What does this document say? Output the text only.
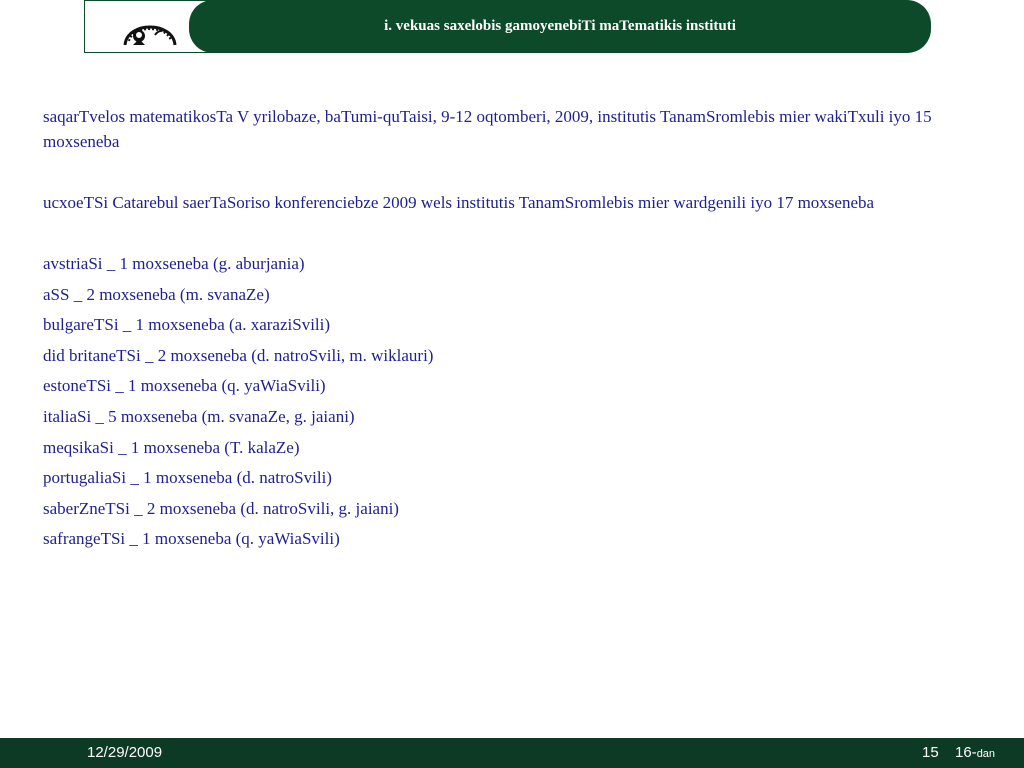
i. vekuas saxelobis gamoyenebiTi maTematikis instituti

saqarTvelos matematikosTa V yrilobaze, baTumi-quTaisi, 9-12 oqtomberi, 2009, institutis TanamSromlebis mier wakiTxuli iyo 15 moxseneba

ucxoeTSi Catarebul saerTaSoriso konferenciebze 2009 wels institutis TanamSromlebis mier wardgenili iyo 17 moxseneba

avstriaSi _ 1 moxseneba (g. aburjania)
aSS _ 2 moxseneba (m. svanaZe)
bulgareTSi _ 1 moxseneba (a. xaraziSvili)
did britaneTSi _ 2 moxseneba (d. natroSvili, m. wiklauri)
estoneTSi _ 1 moxseneba (q. yaWiaSvili)
italiaSi _ 5 moxseneba (m. svanaZe, g. jaiani)
meqsikaSi _ 1 moxseneba (T. kalaZe)
portugaliaSi _ 1 moxseneba (d. natroSvili)
saberZneTSi _ 2 moxseneba (d. natroSvili, g. jaiani)
safrangeTSi _ 1 moxseneba (q. yaWiaSvili)
12/29/2009	15 16-dan
